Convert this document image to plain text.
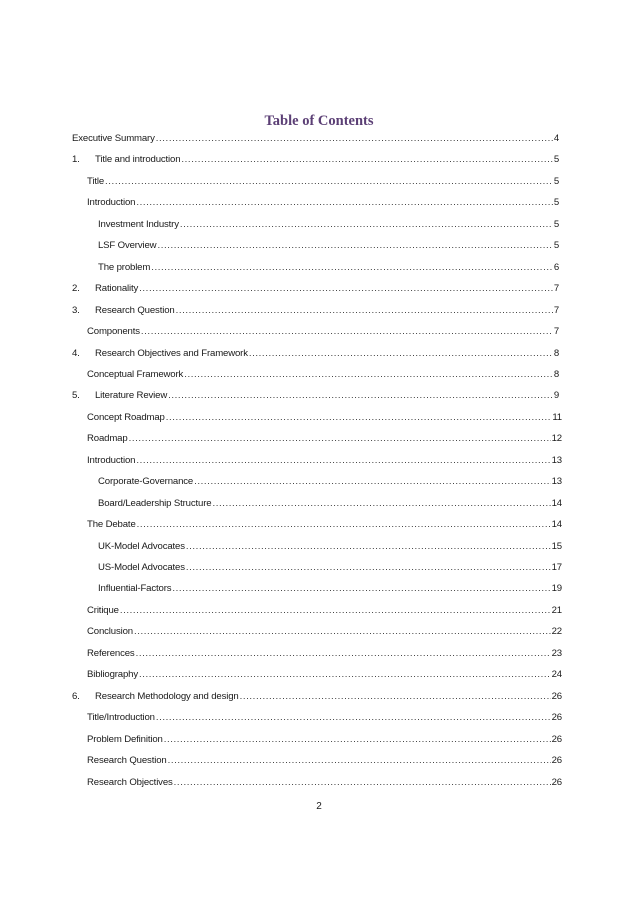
Table of Contents
Executive Summary .....	4
1.	Title and introduction .....	5
Title .....	5
Introduction .....	5
Investment Industry .....	5
LSF Overview .....	5
The problem .....	6
2.	Rationality .....	7
3.	Research Question .....	7
Components .....	7
4.	Research Objectives and Framework .....	8
Conceptual Framework .....	8
5.	Literature Review .....	9
Concept Roadmap .....	11
Roadmap .....	12
Introduction .....	13
Corporate-Governance .....	13
Board/Leadership Structure .....	14
The Debate .....	14
UK-Model Advocates .....	15
US-Model Advocates .....	17
Influential-Factors .....	19
Critique .....	21
Conclusion .....	22
References .....	23
Bibliography .....	24
6.	Research Methodology and design .....	26
Title/Introduction .....	26
Problem Definition .....	26
Research Question .....	26
Research Objectives .....	26
2
